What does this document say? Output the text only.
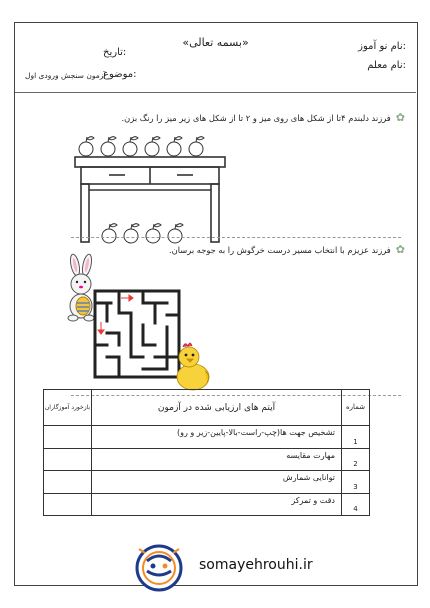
«بسمه تعالی»	نام نو آموز:
نام معلم:
تاریخ:
موضوع:
آزمون سنجش ورودی اول
✿فرزند دلبندم ۴تا از شکل های روی میز و ۲ تا از شکل های زیر میز را رنگ بزن.
✿فرزند عزیزم با انتخاب مسیر درست خرگوش را به جوجه برسان.
somayehrouhi.ir
شماره	آیتم های ارزیابی شده در آزمون	بازخورد آموزگاران
1	تشخیص جهت ها(چپ-راست-بالا-پایین-زیر و رو)	
2	مهارت مقایسه	
3	توانایی شمارش	
4	دقت و تمرکز	
